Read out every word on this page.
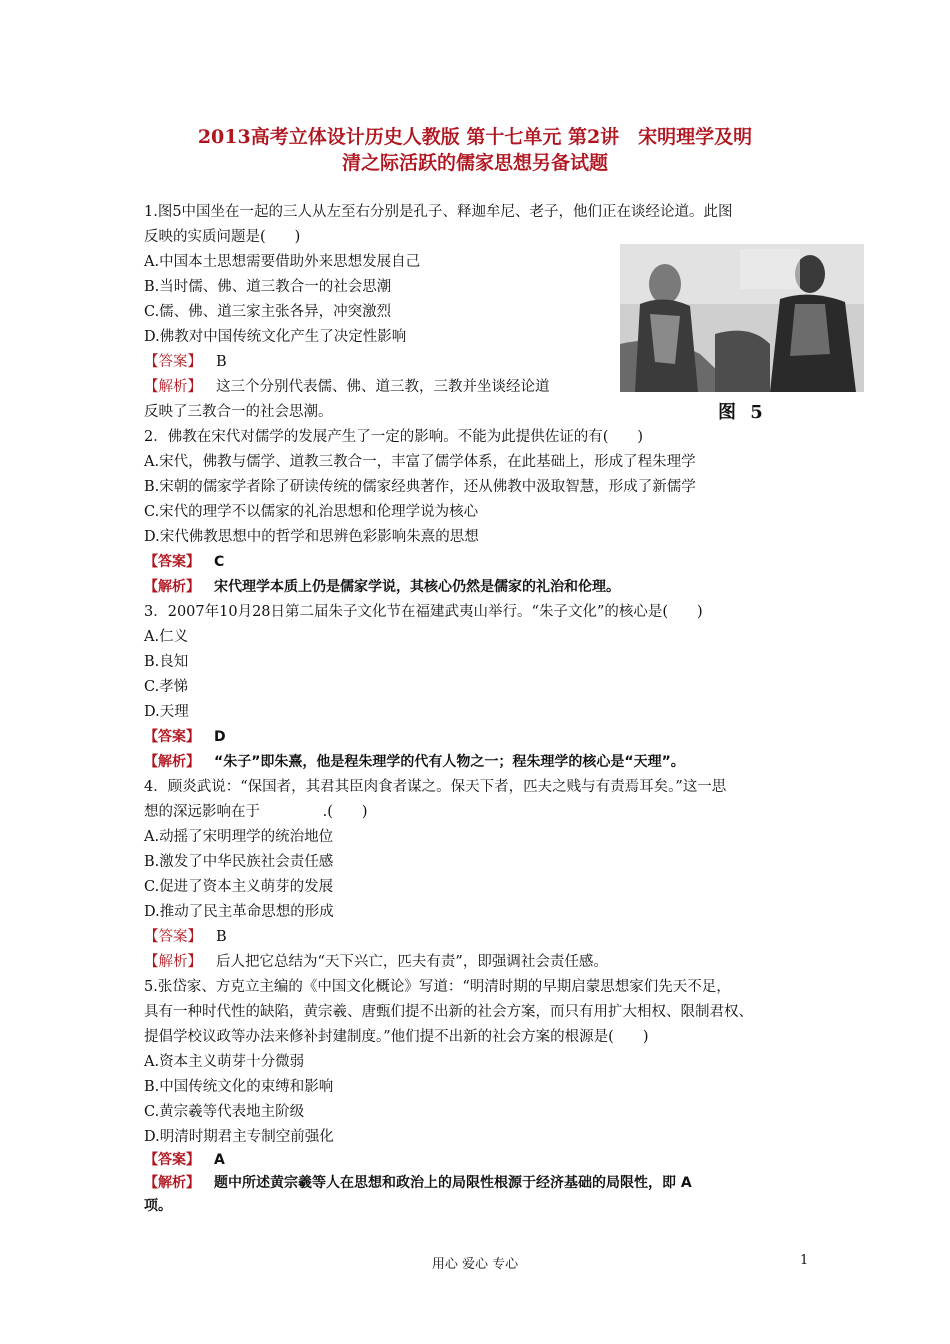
2013高考立体设计历史人教版 第十七单元 第2讲　宋明理学及明
清之际活跃的儒家思想另备试题
图 5
1.图5中国坐在一起的三人从左至右分别是孔子、释迦牟尼、老子，他们正在谈经论道。此图
反映的实质问题是(　　)
A.中国本土思想需要借助外来思想发展自己
B.当时儒、佛、道三教合一的社会思潮
C.儒、佛、道三家主张各异，冲突激烈
D.佛教对中国传统文化产生了决定性影响
【答案】 B
【解析】 这三个分别代表儒、佛、道三教，三教并坐谈经论道
反映了三教合一的社会思潮。
2．佛教在宋代对儒学的发展产生了一定的影响。不能为此提供佐证的有(　　)
A.宋代，佛教与儒学、道教三教合一，丰富了儒学体系，在此基础上，形成了程朱理学
B.宋朝的儒家学者除了研读传统的儒家经典著作，还从佛教中汲取智慧，形成了新儒学
C.宋代的理学不以儒家的礼治思想和伦理学说为核心
D.宋代佛教思想中的哲学和思辨色彩影响朱熹的思想
【答案】 C
【解析】 宋代理学本质上仍是儒家学说，其核心仍然是儒家的礼治和伦理。
3．2007年10月28日第二届朱子文化节在福建武夷山举行。“朱子文化”的核心是(　　)
A.仁义
B.良知
C.孝悌
D.天理
【答案】 D
【解析】 “朱子”即朱熹，他是程朱理学的代有人物之一；程朱理学的核心是“天理”。
4．顾炎武说：“保国者，其君其臣肉食者谋之。保天下者，匹夫之贱与有责焉耳矣。”这一思
想的深远影响在于　　　　 .(　　)
A.动摇了宋明理学的统治地位
B.激发了中华民族社会责任感
C.促进了资本主义萌芽的发展
D.推动了民主革命思想的形成
【答案】 B
【解析】 后人把它总结为“天下兴亡，匹夫有责”，即强调社会责任感。
5.张岱家、方克立主编的《中国文化概论》写道：“明清时期的早期启蒙思想家们先天不足，
具有一种时代性的缺陷，黄宗羲、唐甄们提不出新的社会方案，而只有用扩大相权、限制君权、
提倡学校议政等办法来修补封建制度。”他们提不出新的社会方案的根源是(　　)
A.资本主义萌芽十分微弱
B.中国传统文化的束缚和影响
C.黄宗羲等代表地主阶级
D.明清时期君主专制空前强化
【答案】 A
【解析】 题中所述黄宗羲等人在思想和政治上的局限性根源于经济基础的局限性，即 A
项。
用心 爱心 专心	1
